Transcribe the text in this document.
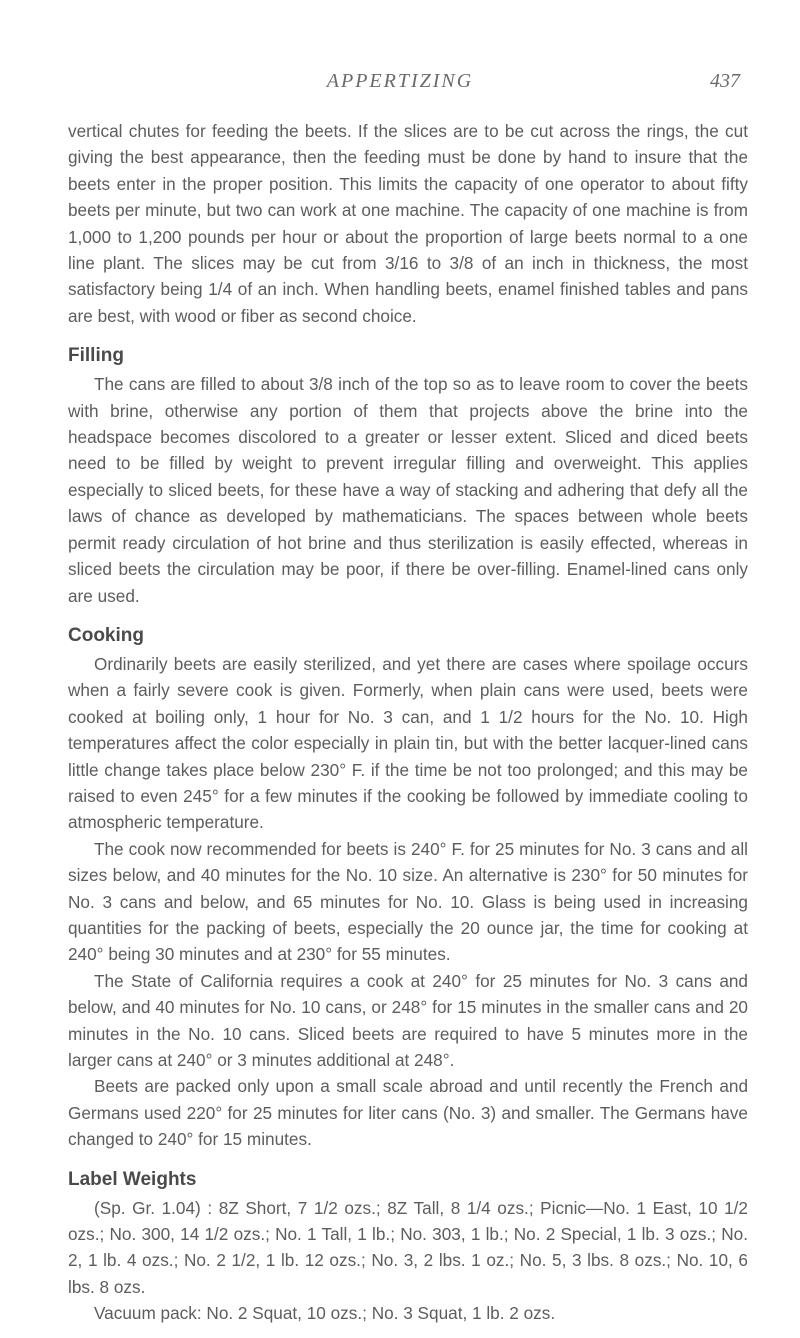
APPERTIZING	437

vertical chutes for feeding the beets. If the slices are to be cut across the rings, the cut giving the best appearance, then the feeding must be done by hand to insure that the beets enter in the proper position. This limits the capacity of one operator to about fifty beets per minute, but two can work at one machine. The capacity of one machine is from 1,000 to 1,200 pounds per hour or about the proportion of large beets normal to a one line plant. The slices may be cut from 3/16 to 3/8 of an inch in thickness, the most satisfactory being 1/4 of an inch. When handling beets, enamel finished tables and pans are best, with wood or fiber as second choice.

Filling

The cans are filled to about 3/8 inch of the top so as to leave room to cover the beets with brine, otherwise any portion of them that projects above the brine into the headspace becomes discolored to a greater or lesser extent. Sliced and diced beets need to be filled by weight to prevent irregular filling and overweight. This applies especially to sliced beets, for these have a way of stacking and adhering that defy all the laws of chance as developed by mathematicians. The spaces between whole beets permit ready circulation of hot brine and thus sterilization is easily effected, whereas in sliced beets the circulation may be poor, if there be over-filling. Enamel-lined cans only are used.

Cooking

Ordinarily beets are easily sterilized, and yet there are cases where spoilage occurs when a fairly severe cook is given. Formerly, when plain cans were used, beets were cooked at boiling only, 1 hour for No. 3 can, and 1 1/2 hours for the No. 10. High temperatures affect the color especially in plain tin, but with the better lacquer-lined cans little change takes place below 230° F. if the time be not too prolonged; and this may be raised to even 245° for a few minutes if the cooking be followed by immediate cooling to atmospheric temperature.

The cook now recommended for beets is 240° F. for 25 minutes for No. 3 cans and all sizes below, and 40 minutes for the No. 10 size. An alternative is 230° for 50 minutes for No. 3 cans and below, and 65 minutes for No. 10. Glass is being used in increasing quantities for the packing of beets, especially the 20 ounce jar, the time for cooking at 240° being 30 minutes and at 230° for 55 minutes.

The State of California requires a cook at 240° for 25 minutes for No. 3 cans and below, and 40 minutes for No. 10 cans, or 248° for 15 minutes in the smaller cans and 20 minutes in the No. 10 cans. Sliced beets are required to have 5 minutes more in the larger cans at 240° or 3 minutes additional at 248°.

Beets are packed only upon a small scale abroad and until recently the French and Germans used 220° for 25 minutes for liter cans (No. 3) and smaller. The Germans have changed to 240° for 15 minutes.

Label Weights

(Sp. Gr. 1.04) : 8Z Short, 7 1/2 ozs.; 8Z Tall, 8 1/4 ozs.; Picnic—No. 1 East, 10 1/2 ozs.; No. 300, 14 1/2 ozs.; No. 1 Tall, 1 lb.; No. 303, 1 lb.; No. 2 Special, 1 lb. 3 ozs.; No. 2, 1 lb. 4 ozs.; No. 2 1/2, 1 lb. 12 ozs.; No. 3, 2 lbs. 1 oz.; No. 5, 3 lbs. 8 ozs.; No. 10, 6 lbs. 8 ozs.

Vacuum pack: No. 2 Squat, 10 ozs.; No. 3 Squat, 1 lb. 2 ozs.
